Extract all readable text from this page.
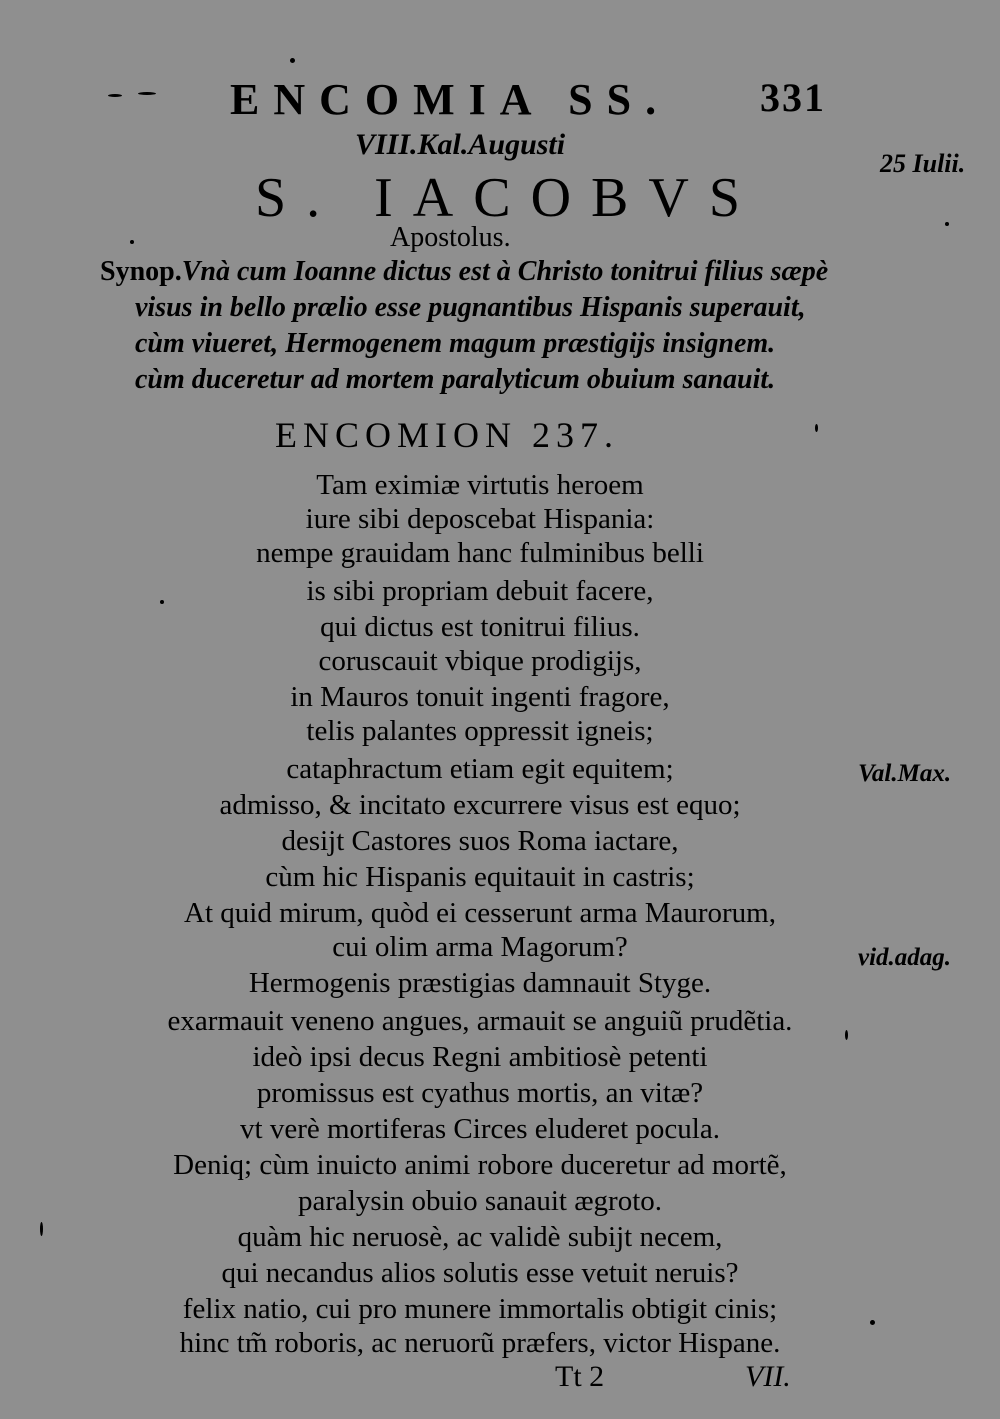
ENCOMIA SS. 331
VIII.Kal.Augusti
S. IACOBVS
Apostolus.
25 Iulii.
Synop.Vnà cum Ioanne dictus est à Christo tonitrui filius sæpè
visus in bello prælio esse pugnantibus Hispanis superauit,
cùm viueret, Hermogenem magum præstigijs insignem.
cùm duceretur ad mortem paralyticum obuium sanauit.
ENCOMION 237.
Tam eximiæ virtutis heroem
iure sibi deposcebat Hispania:
nempe grauidam hanc fulminibus belli
is sibi propriam debuit facere,
qui dictus est tonitrui filius.
coruscauit vbique prodigijs,
in Mauros tonuit ingenti fragore,
telis palantes oppressit igneis;
cataphractum etiam egit equitem;
admisso, & incitato excurrere visus est equo;
desijt Castores suos Roma iactare,
cùm hic Hispanis equitauit in castris;
At quid mirum, quòd ei cesserunt arma Maurorum,
cui olim arma Magorum?
Hermogenis præstigias damnauit Styge.
exarmauit veneno angues, armauit se anguiũ prudẽtia.
ideò ipsi decus Regni ambitiosè petenti
promissus est cyathus mortis, an vitæ?
vt verè mortiferas Circes eluderet pocula.
Deniq; cùm inuicto animi robore duceretur ad mortẽ,
paralysin obuio sanauit ægroto.
quàm hic neruosè, ac validè subijt necem,
qui necandus alios solutis esse vetuit neruis?
felix natio, cui pro munere immortalis obtigit cinis;
hinc tm̃ roboris, ac neruorũ præfers, victor Hispane.
Val.Max.
vid.adag.
Tt 2	VII.
